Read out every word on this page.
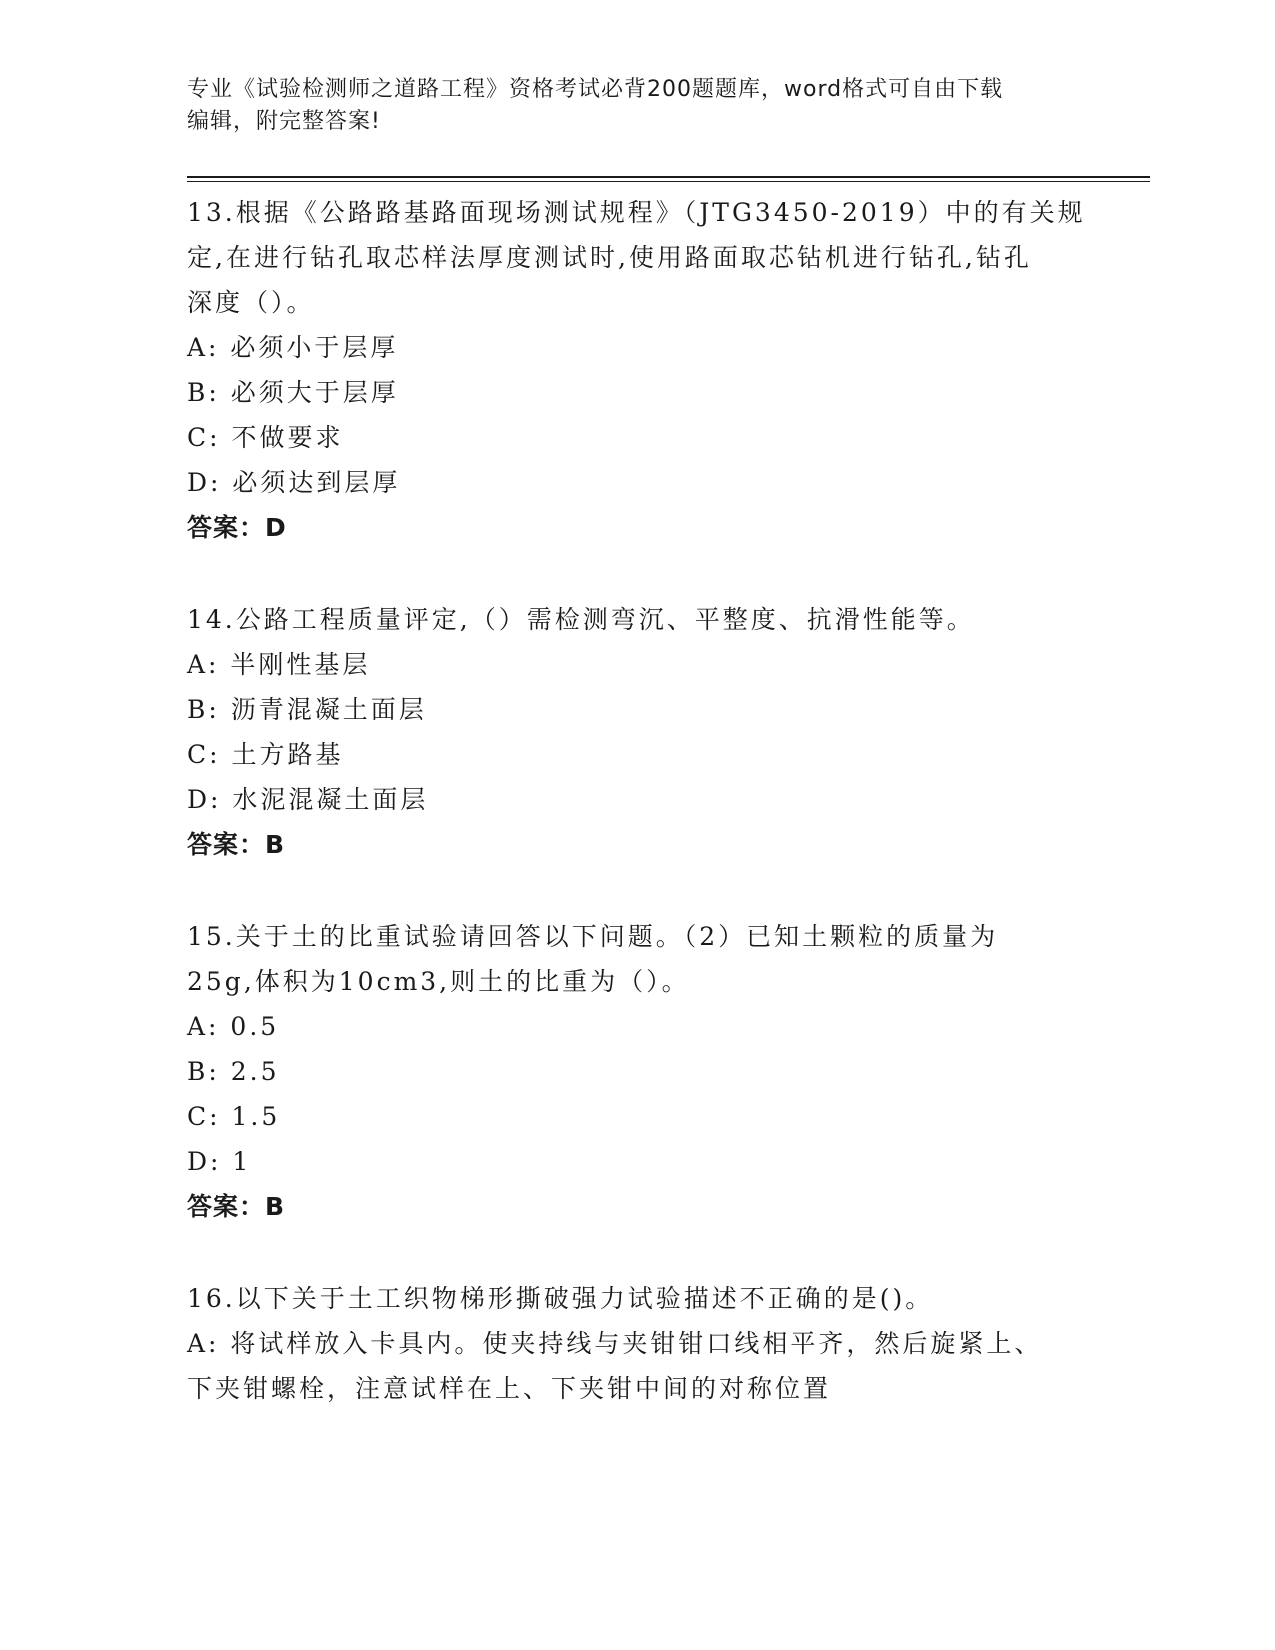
专业《试验检测师之道路工程》资格考试必背200题题库，word格式可自由下载
编辑，附完整答案!
13.根据《公路路基路面现场测试规程》（JTG3450-2019）中的有关规
定,在进行钻孔取芯样法厚度测试时,使用路面取芯钻机进行钻孔,钻孔
深度（）。
A: 必须小于层厚
B: 必须大于层厚
C: 不做要求
D: 必须达到层厚
答案：D
14.公路工程质量评定,（）需检测弯沉、平整度、抗滑性能等。
A: 半刚性基层
B: 沥青混凝土面层
C: 土方路基
D: 水泥混凝土面层
答案：B
15.关于土的比重试验请回答以下问题。（2）已知土颗粒的质量为
25g,体积为10cm3,则土的比重为（）。
A: 0.5
B: 2.5
C: 1.5
D: 1
答案：B
16.以下关于土工织物梯形撕破强力试验描述不正确的是()。
A: 将试样放入卡具内。使夹持线与夹钳钳口线相平齐，然后旋紧上、
下夹钳螺栓，注意试样在上、下夹钳中间的对称位置
